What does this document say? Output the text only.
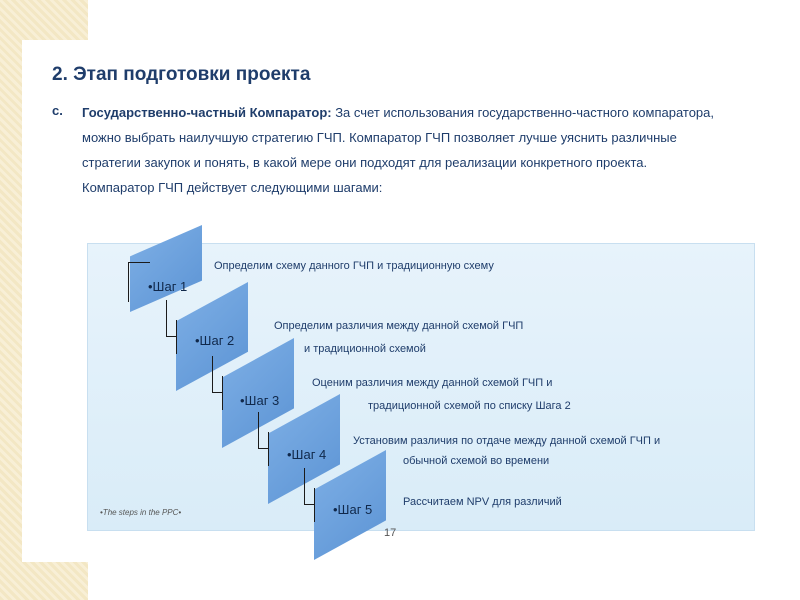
2. Этап подготовки проекта
c. Государственно-частный Компаратор: За счет использования государственно-частного компаратора, можно выбрать наилучшую стратегию ГЧП. Компаратор ГЧП позволяет лучше уяснить различные стратегии закупок и понять, в какой мере они подходят для реализации конкретного проекта. Компаратор ГЧП действует следующими шагами:
•Шаг 1
•Шаг 2
•Шаг 3
•Шаг 4
•Шаг 5
Определим схему данного ГЧП и традиционную схему
Определим различия между данной схемой ГЧП
и традиционной схемой
Оценим различия между данной схемой ГЧП и
традиционной схемой по списку Шага 2
Установим различия по отдаче между данной схемой ГЧП и
обычной схемой во времени
Рассчитаем NPV для различий
•The steps in the PPC•
17
